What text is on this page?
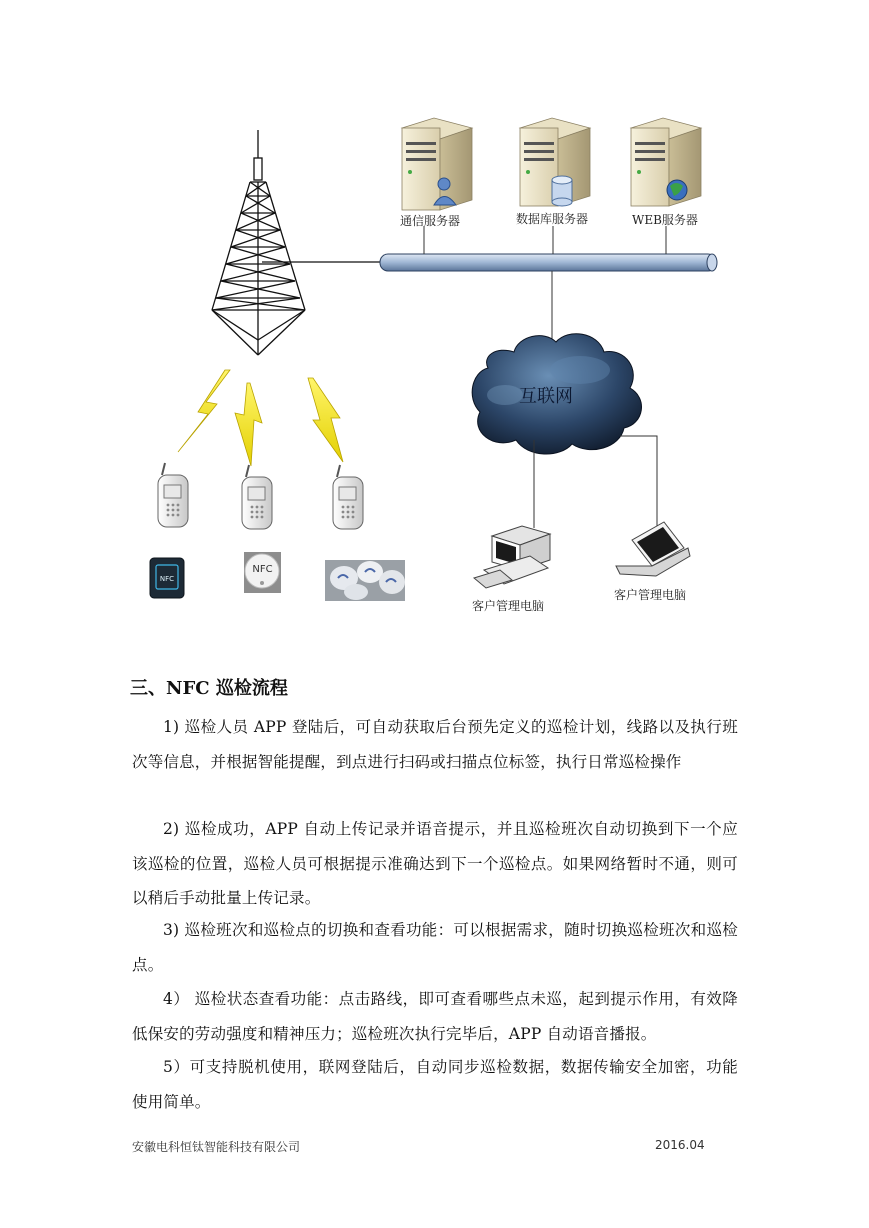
NFC
通信服务器	数据库服务器	WEB服务器
互联网
NFC
客户管理电脑
客户管理电脑
三、NFC 巡检流程
1) 巡检人员 APP 登陆后，可自动获取后台预先定义的巡检计划，线路以及执行班次等信息，并根据智能提醒，到点进行扫码或扫描点位标签，执行日常巡检操作
2) 巡检成功，APP 自动上传记录并语音提示，并且巡检班次自动切换到下一个应该巡检的位置，巡检人员可根据提示准确达到下一个巡检点。如果网络暂时不通，则可以稍后手动批量上传记录。
3) 巡检班次和巡检点的切换和查看功能：可以根据需求，随时切换巡检班次和巡检点。
4） 巡检状态查看功能：点击路线，即可查看哪些点未巡，起到提示作用，有效降低保安的劳动强度和精神压力；巡检班次执行完毕后，APP 自动语音播报。
5）可支持脱机使用，联网登陆后，自动同步巡检数据，数据传输安全加密，功能使用简单。
安徽电科恒钛智能科技有限公司	2016.04
